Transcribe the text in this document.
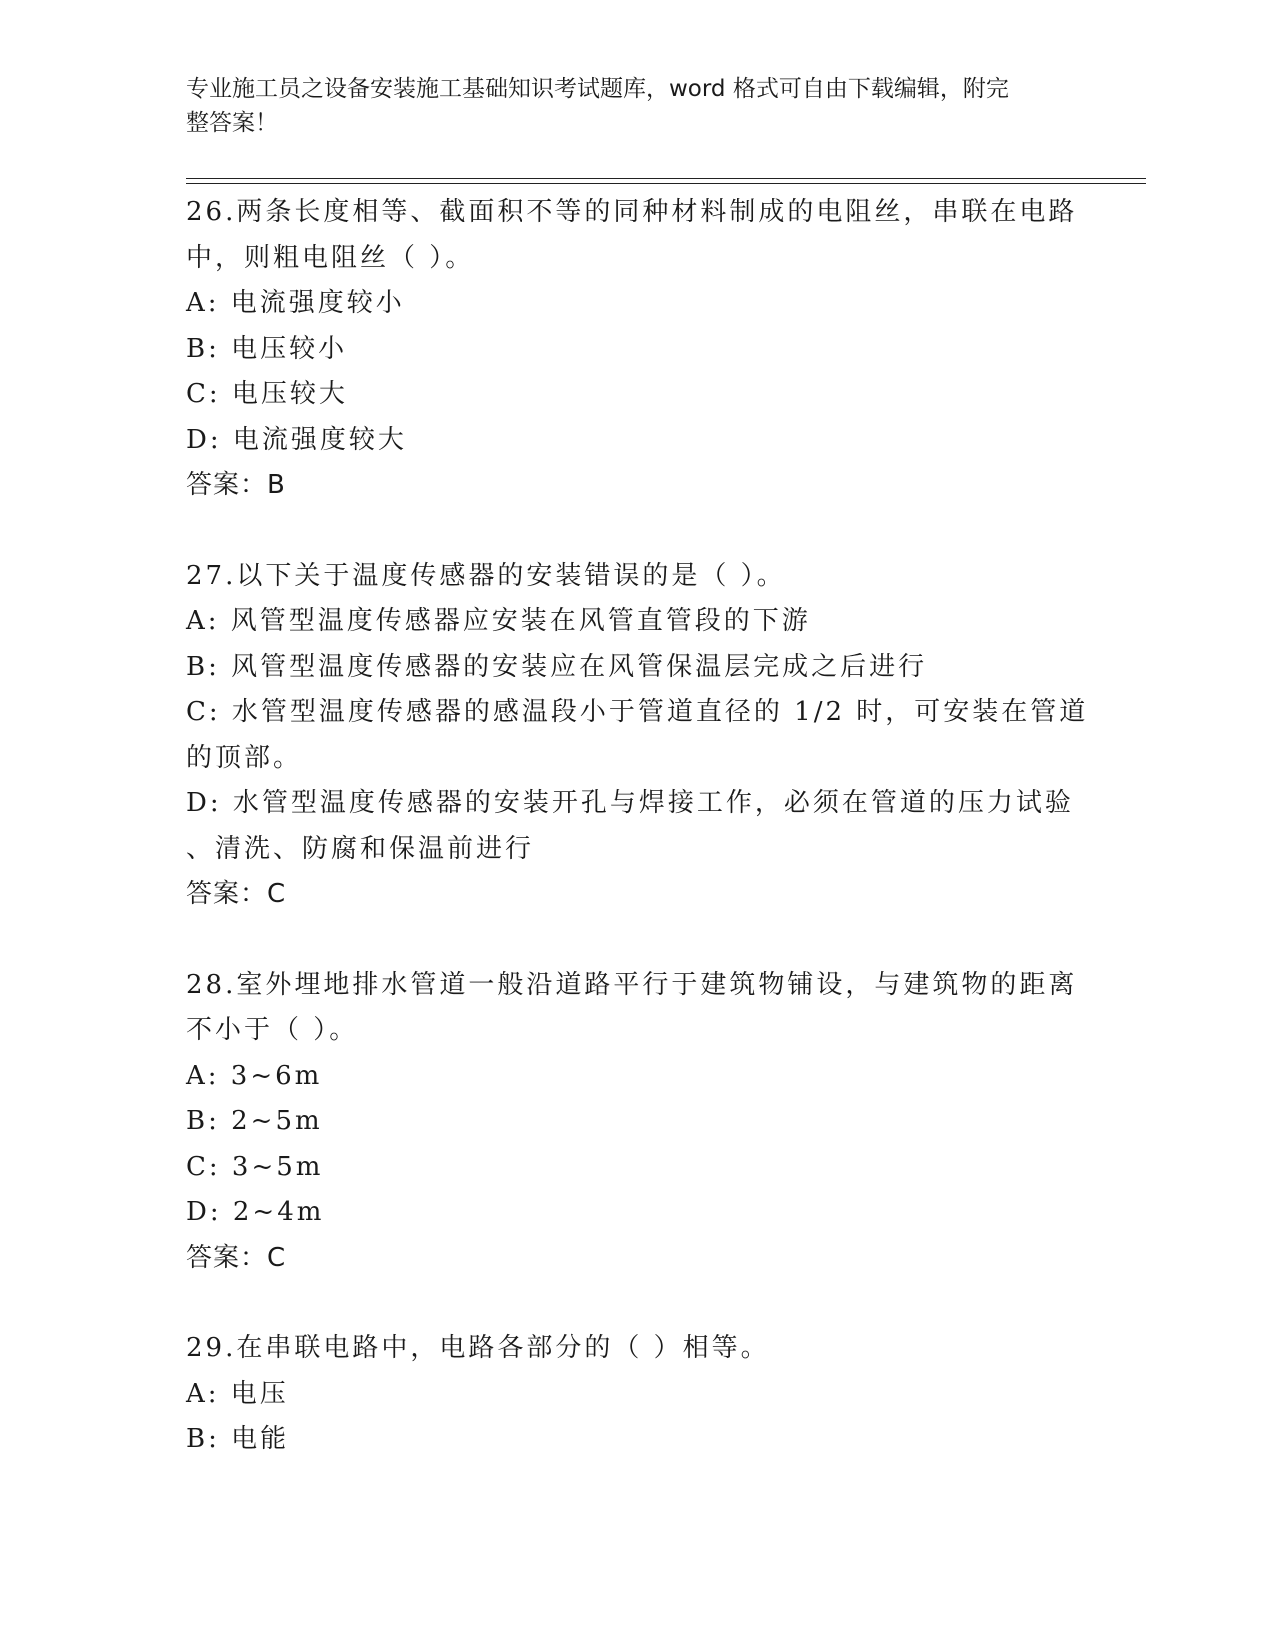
专业施工员之设备安装施工基础知识考试题库，word 格式可自由下载编辑，附完
整答案！
26.两条长度相等、截面积不等的同种材料制成的电阻丝，串联在电路
中，则粗电阻丝（ ）。
A: 电流强度较小
B: 电压较小
C: 电压较大
D: 电流强度较大
答案：B
27.以下关于温度传感器的安装错误的是（ ）。
A: 风管型温度传感器应安装在风管直管段的下游
B: 风管型温度传感器的安装应在风管保温层完成之后进行
C: 水管型温度传感器的感温段小于管道直径的 1/2 时，可安装在管道
的顶部。
D: 水管型温度传感器的安装开孔与焊接工作，必须在管道的压力试验
、清洗、防腐和保温前进行
答案：C
28.室外埋地排水管道一般沿道路平行于建筑物铺设，与建筑物的距离
不小于（ ）。
A: 3~6m
B: 2~5m
C: 3~5m
D: 2~4m
答案：C
29.在串联电路中，电路各部分的（ ）相等。
A: 电压
B: 电能
